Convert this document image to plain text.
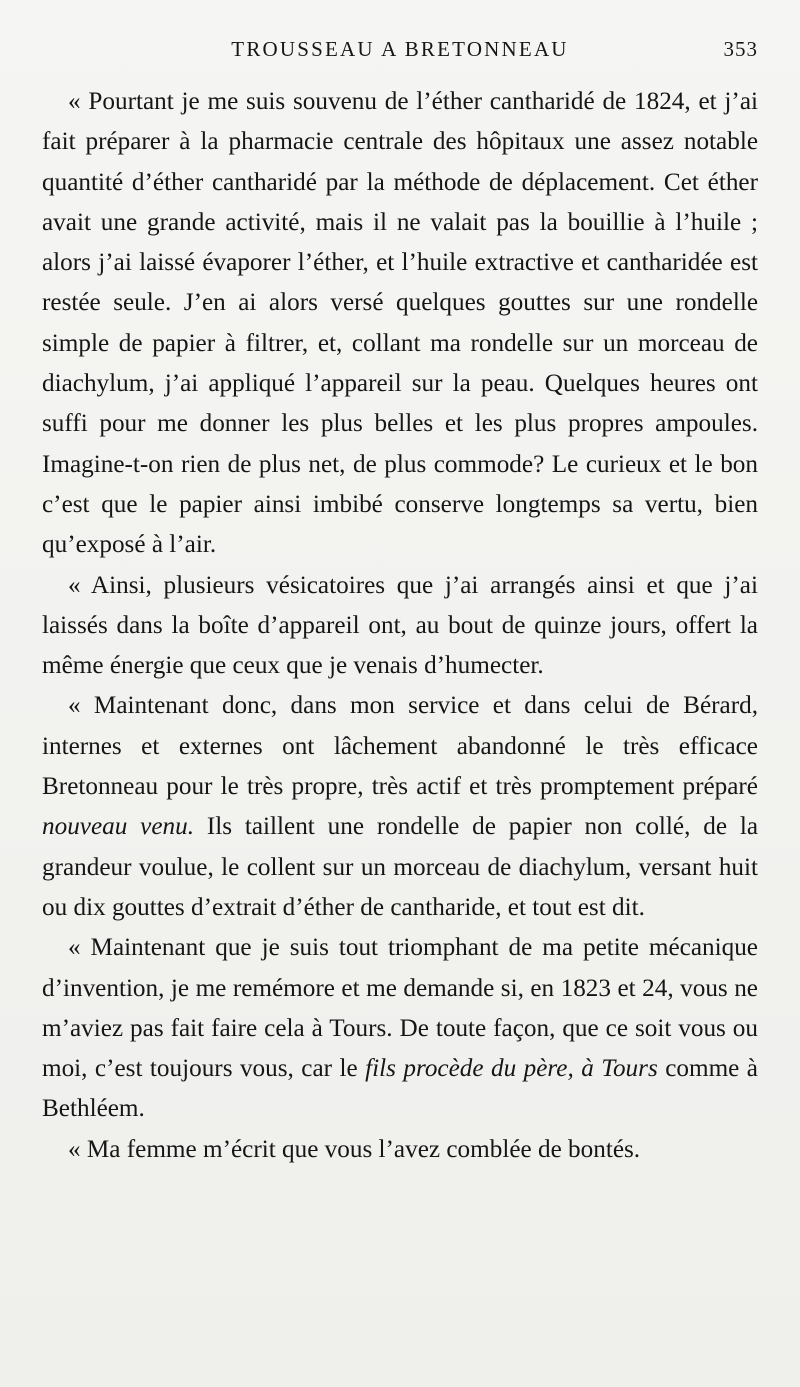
TROUSSEAU A BRETONNEAU	353

« Pourtant je me suis souvenu de l’éther cantharidé de 1824, et j’ai fait préparer à la pharmacie centrale des hôpitaux une assez notable quantité d’éther cantharidé par la méthode de déplacement. Cet éther avait une grande activité, mais il ne valait pas la bouillie à l’huile ; alors j’ai laissé évaporer l’éther, et l’huile extractive et cantharidée est restée seule. J’en ai alors versé quelques gouttes sur une rondelle simple de papier à filtrer, et, collant ma rondelle sur un morceau de diachylum, j’ai appliqué l’appareil sur la peau. Quelques heures ont suffi pour me donner les plus belles et les plus propres ampoules. Imagine-t-on rien de plus net, de plus commode? Le curieux et le bon c’est que le papier ainsi imbibé conserve longtemps sa vertu, bien qu’exposé à l’air.

« Ainsi, plusieurs vésicatoires que j’ai arrangés ainsi et que j’ai laissés dans la boîte d’appareil ont, au bout de quinze jours, offert la même énergie que ceux que je venais d’humecter.

« Maintenant donc, dans mon service et dans celui de Bérard, internes et externes ont lâchement abandonné le très efficace Bretonneau pour le très propre, très actif et très promptement préparé nouveau venu. Ils taillent une rondelle de papier non collé, de la grandeur voulue, le collent sur un morceau de diachylum, versant huit ou dix gouttes d’extrait d’éther de cantharide, et tout est dit.

« Maintenant que je suis tout triomphant de ma petite mécanique d’invention, je me remémore et me demande si, en 1823 et 24, vous ne m’aviez pas fait faire cela à Tours. De toute façon, que ce soit vous ou moi, c’est toujours vous, car le fils procède du père, à Tours comme à Bethléem.

« Ma femme m’écrit que vous l’avez comblée de bontés.
